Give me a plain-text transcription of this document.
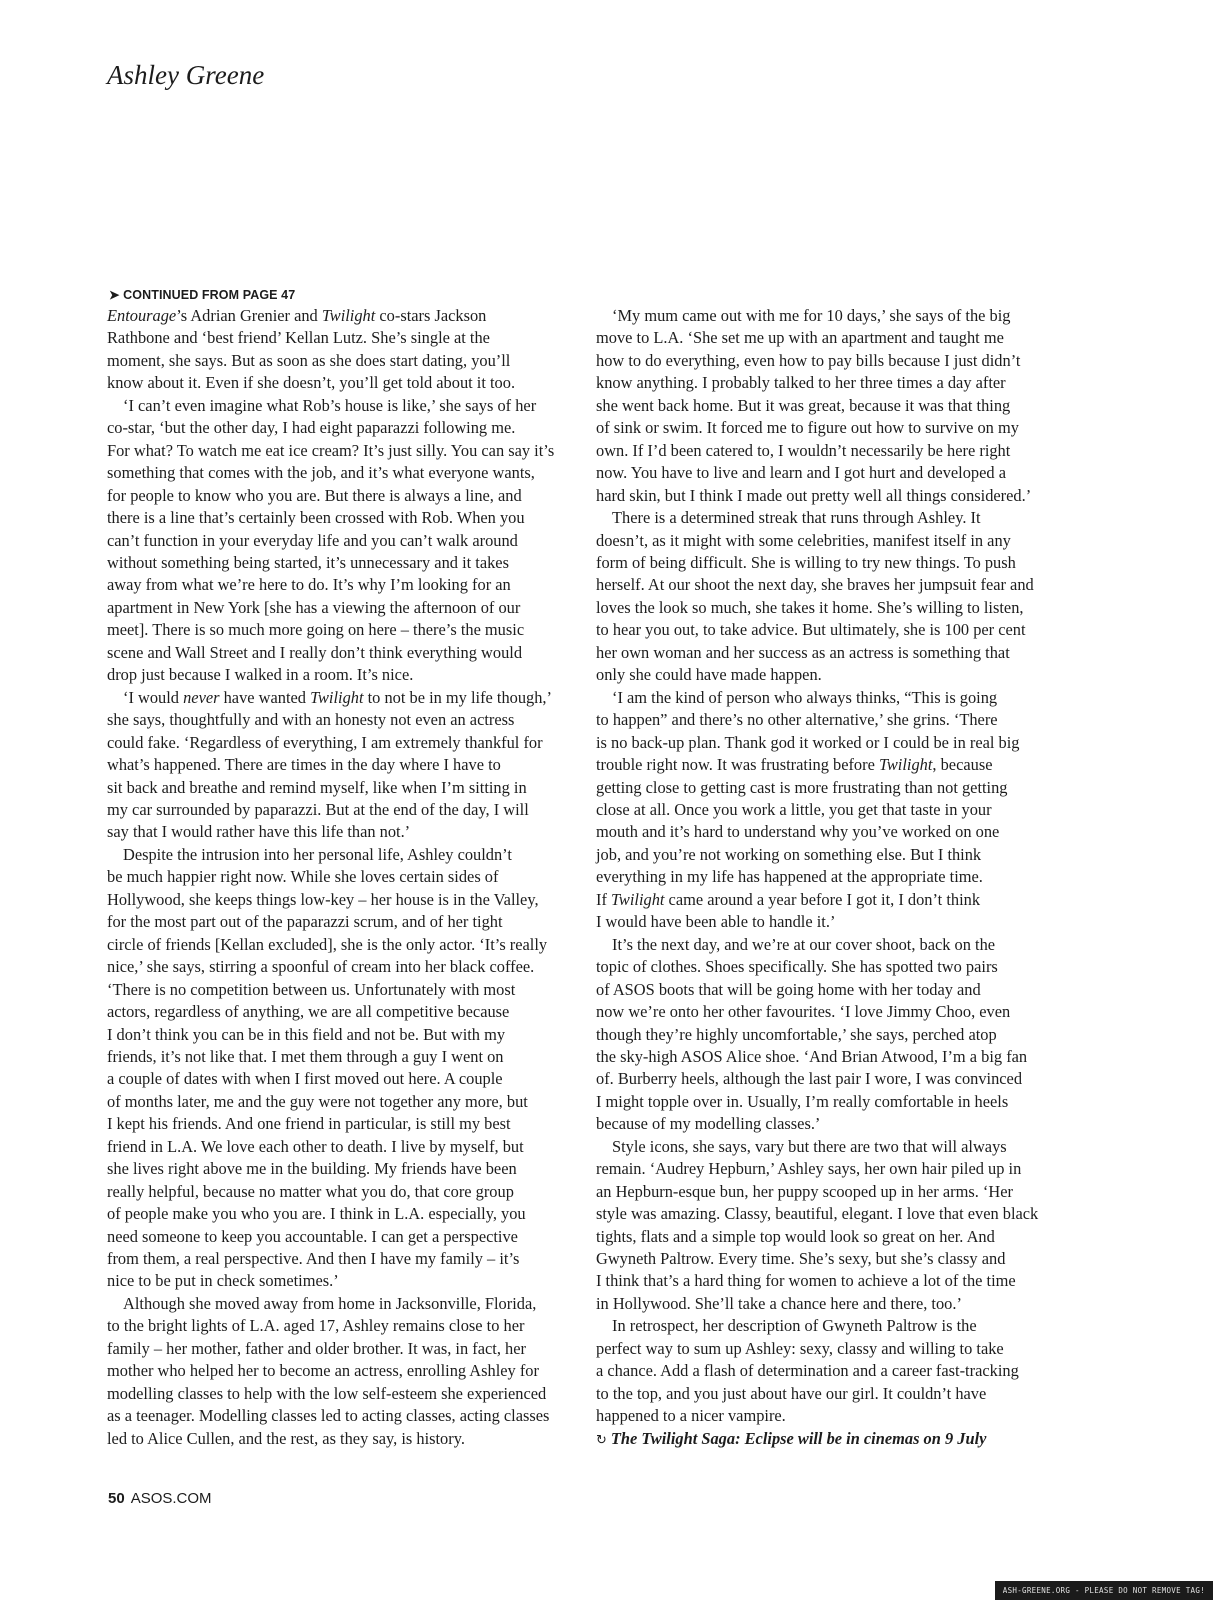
Ashley Greene
➤ CONTINUED FROM PAGE 47

Entourage’s Adrian Grenier and Twilight co-stars Jackson
Rathbone and ‘best friend’ Kellan Lutz. She’s single at the
moment, she says. But as soon as she does start dating, you’ll
know about it. Even if she doesn’t, you’ll get told about it too.

‘I can’t even imagine what Rob’s house is like,’ she says of her
co-star, ‘but the other day, I had eight paparazzi following me.
For what? To watch me eat ice cream? It’s just silly. You can say it’s
something that comes with the job, and it’s what everyone wants,
for people to know who you are. But there is always a line, and
there is a line that’s certainly been crossed with Rob. When you
can’t function in your everyday life and you can’t walk around
without something being started, it’s unnecessary and it takes
away from what we’re here to do. It’s why I’m looking for an
apartment in New York [she has a viewing the afternoon of our
meet]. There is so much more going on here – there’s the music
scene and Wall Street and I really don’t think everything would
drop just because I walked in a room. It’s nice.

‘I would never have wanted Twilight to not be in my life though,’
she says, thoughtfully and with an honesty not even an actress
could fake. ‘Regardless of everything, I am extremely thankful for
what’s happened. There are times in the day where I have to
sit back and breathe and remind myself, like when I’m sitting in
my car surrounded by paparazzi. But at the end of the day, I will
say that I would rather have this life than not.’

Despite the intrusion into her personal life, Ashley couldn’t
be much happier right now. While she loves certain sides of
Hollywood, she keeps things low-key – her house is in the Valley,
for the most part out of the paparazzi scrum, and of her tight
circle of friends [Kellan excluded], she is the only actor. ‘It’s really
nice,’ she says, stirring a spoonful of cream into her black coffee.
‘There is no competition between us. Unfortunately with most
actors, regardless of anything, we are all competitive because
I don’t think you can be in this field and not be. But with my
friends, it’s not like that. I met them through a guy I went on
a couple of dates with when I first moved out here. A couple
of months later, me and the guy were not together any more, but
I kept his friends. And one friend in particular, is still my best
friend in L.A. We love each other to death. I live by myself, but
she lives right above me in the building. My friends have been
really helpful, because no matter what you do, that core group
of people make you who you are. I think in L.A. especially, you
need someone to keep you accountable. I can get a perspective
from them, a real perspective. And then I have my family – it’s
nice to be put in check sometimes.’

Although she moved away from home in Jacksonville, Florida,
to the bright lights of L.A. aged 17, Ashley remains close to her
family – her mother, father and older brother. It was, in fact, her
mother who helped her to become an actress, enrolling Ashley for
modelling classes to help with the low self-esteem she experienced
as a teenager. Modelling classes led to acting classes, acting classes
led to Alice Cullen, and the rest, as they say, is history.

‘My mum came out with me for 10 days,’ she says of the big
move to L.A. ‘She set me up with an apartment and taught me
how to do everything, even how to pay bills because I just didn’t
know anything. I probably talked to her three times a day after
she went back home. But it was great, because it was that thing
of sink or swim. It forced me to figure out how to survive on my
own. If I’d been catered to, I wouldn’t necessarily be here right
now. You have to live and learn and I got hurt and developed a
hard skin, but I think I made out pretty well all things considered.’

There is a determined streak that runs through Ashley. It
doesn’t, as it might with some celebrities, manifest itself in any
form of being difficult. She is willing to try new things. To push
herself. At our shoot the next day, she braves her jumpsuit fear and
loves the look so much, she takes it home. She’s willing to listen,
to hear you out, to take advice. But ultimately, she is 100 per cent
her own woman and her success as an actress is something that
only she could have made happen.

‘I am the kind of person who always thinks, “This is going
to happen” and there’s no other alternative,’ she grins. ‘There
is no back-up plan. Thank god it worked or I could be in real big
trouble right now. It was frustrating before Twilight, because
getting close to getting cast is more frustrating than not getting
close at all. Once you work a little, you get that taste in your
mouth and it’s hard to understand why you’ve worked on one
job, and you’re not working on something else. But I think
everything in my life has happened at the appropriate time.
If Twilight came around a year before I got it, I don’t think
I would have been able to handle it.’

It’s the next day, and we’re at our cover shoot, back on the
topic of clothes. Shoes specifically. She has spotted two pairs
of ASOS boots that will be going home with her today and
now we’re onto her other favourites. ‘I love Jimmy Choo, even
though they’re highly uncomfortable,’ she says, perched atop
the sky-high ASOS Alice shoe. ‘And Brian Atwood, I’m a big fan
of. Burberry heels, although the last pair I wore, I was convinced
I might topple over in. Usually, I’m really comfortable in heels
because of my modelling classes.’

Style icons, she says, vary but there are two that will always
remain. ‘Audrey Hepburn,’ Ashley says, her own hair piled up in
an Hepburn-esque bun, her puppy scooped up in her arms. ‘Her
style was amazing. Classy, beautiful, elegant. I love that even black
tights, flats and a simple top would look so great on her. And
Gwyneth Paltrow. Every time. She’s sexy, but she’s classy and
I think that’s a hard thing for women to achieve a lot of the time
in Hollywood. She’ll take a chance here and there, too.’

In retrospect, her description of Gwyneth Paltrow is the
perfect way to sum up Ashley: sexy, classy and willing to take
a chance. Add a flash of determination and a career fast-tracking
to the top, and you just about have our girl. It couldn’t have
happened to a nicer vampire.

↻ The Twilight Saga: Eclipse will be in cinemas on 9 July

50 ASOS.COM
ASH-GREENE.ORG - PLEASE DO NOT REMOVE TAG!
